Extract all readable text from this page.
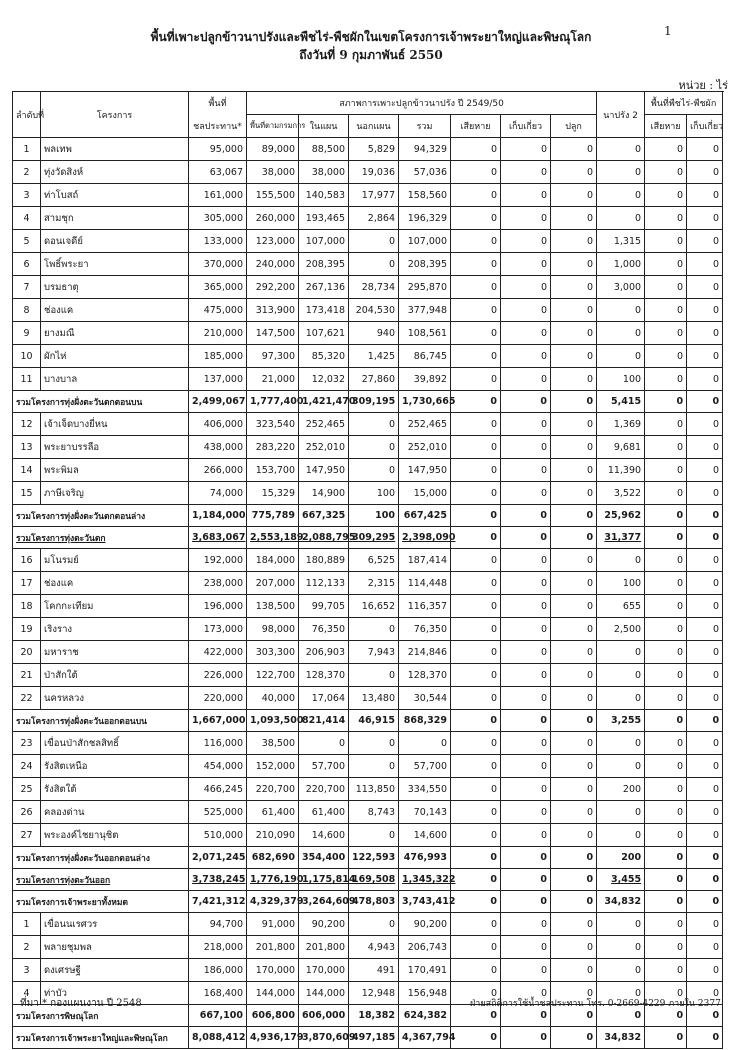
1
พื้นที่เพาะปลูกข้าวนาปรังและพืชไร่-พืชผักในเขตโครงการเจ้าพระยาใหญ่และพิษณุโลก
ถึงวันที่ 9 กุมภาพันธ์ 2550
หน่วย : ไร่
ลำดับที่	โครงการ	พื้นที่	สภาพการเพาะปลูกข้าวนาปรัง ปี 2549/50							นาปรัง 2	พื้นที่พืชไร่-พืชผัก	
		ชลประทาน*	พื้นที่ตามกรมการ	ในแผน	นอกแผน	รวม	เสียหาย	เก็บเกี่ยว	ปลูก		เสียหาย	เก็บเกี่ยว
1	พลเทพ	95,000	89,000	88,500	5,829	94,329	0	0	0	0	0	0
2	ทุ่งวัดสิงห์	63,067	38,000	38,000	19,036	57,036	0	0	0	0	0	0
3	ท่าโบสถ์	161,000	155,500	140,583	17,977	158,560	0	0	0	0	0	0
4	สามชุก	305,000	260,000	193,465	2,864	196,329	0	0	0	0	0	0
5	ดอนเจดีย์	133,000	123,000	107,000	0	107,000	0	0	0	1,315	0	0
6	โพธิ์พระยา	370,000	240,000	208,395	0	208,395	0	0	0	1,000	0	0
7	บรมธาตุ	365,000	292,200	267,136	28,734	295,870	0	0	0	3,000	0	0
8	ช่องแค	475,000	313,900	173,418	204,530	377,948	0	0	0	0	0	0
9	ยางมณี	210,000	147,500	107,621	940	108,561	0	0	0	0	0	0
10	ผักไห่	185,000	97,300	85,320	1,425	86,745	0	0	0	0	0	0
11	บางบาล	137,000	21,000	12,032	27,860	39,892	0	0	0	100	0	0
รวมโครงการทุ่งฝั่งตะวันตกตอนบน		2,499,067	1,777,400	1,421,470	309,195	1,730,665	0	0	0	5,415	0	0
12	เจ้าเจ็ดบางยี่หน	406,000	323,540	252,465	0	252,465	0	0	0	1,369	0	0
13	พระยาบรรลือ	438,000	283,220	252,010	0	252,010	0	0	0	9,681	0	0
14	พระพิมล	266,000	153,700	147,950	0	147,950	0	0	0	11,390	0	0
15	ภาษีเจริญ	74,000	15,329	14,900	100	15,000	0	0	0	3,522	0	0
รวมโครงการทุ่งฝั่งตะวันตกตอนล่าง		1,184,000	775,789	667,325	100	667,425	0	0	0	25,962	0	0
รวมโครงการทุ่งตะวันตก		3,683,067	2,553,189	2,088,795	309,295	2,398,090	0	0	0	31,377	0	0
16	มโนรมย์	192,000	184,000	180,889	6,525	187,414	0	0	0	0	0	0
17	ช่องแค	238,000	207,000	112,133	2,315	114,448	0	0	0	100	0	0
18	โคกกะเทียม	196,000	138,500	99,705	16,652	116,357	0	0	0	655	0	0
19	เริงราง	173,000	98,000	76,350	0	76,350	0	0	0	2,500	0	0
20	มหาราช	422,000	303,300	206,903	7,943	214,846	0	0	0	0	0	0
21	ป่าสักใต้	226,000	122,700	128,370	0	128,370	0	0	0	0	0	0
22	นครหลวง	220,000	40,000	17,064	13,480	30,544	0	0	0	0	0	0
รวมโครงการทุ่งฝั่งตะวันออกตอนบน		1,667,000	1,093,500	821,414	46,915	868,329	0	0	0	3,255	0	0
23	เขื่อนป่าสักชลสิทธิ์	116,000	38,500	0	0	0	0	0	0	0	0	0
24	รังสิตเหนือ	454,000	152,000	57,700	0	57,700	0	0	0	0	0	0
25	รังสิตใต้	466,245	220,700	220,700	113,850	334,550	0	0	0	200	0	0
26	คลองด่าน	525,000	61,400	61,400	8,743	70,143	0	0	0	0	0	0
27	พระองค์ไชยานุชิต	510,000	210,090	14,600	0	14,600	0	0	0	0	0	0
รวมโครงการทุ่งฝั่งตะวันออกตอนล่าง		2,071,245	682,690	354,400	122,593	476,993	0	0	0	200	0	0
รวมโครงการทุ่งตะวันออก		3,738,245	1,776,190	1,175,814	169,508	1,345,322	0	0	0	3,455	0	0
รวมโครงการเจ้าพระยาทั้งหมด		7,421,312	4,329,379	3,264,609	478,803	3,743,412	0	0	0	34,832	0	0
1	เขื่อนนเรศวร	94,700	91,000	90,200	0	90,200	0	0	0	0	0	0
2	พลายชุมพล	218,000	201,800	201,800	4,943	206,743	0	0	0	0	0	0
3	ดงเศรษฐี	186,000	170,000	170,000	491	170,491	0	0	0	0	0	0
4	ท่าบัว	168,400	144,000	144,000	12,948	156,948	0	0	0	0	0	0
รวมโครงการพิษณุโลก		667,100	606,800	606,000	18,382	624,382	0	0	0	0	0	0
รวมโครงการเจ้าพระยาใหญ่และพิษณุโลก		8,088,412	4,936,179	3,870,609	497,185	4,367,794	0	0	0	34,832	0	0
ที่มา * กองแผนงาน ปี 2548	ฝ่ายสถิติการใช้น้ำชลประทาน โทร. 0-2669-4229 ภายใน 2377
